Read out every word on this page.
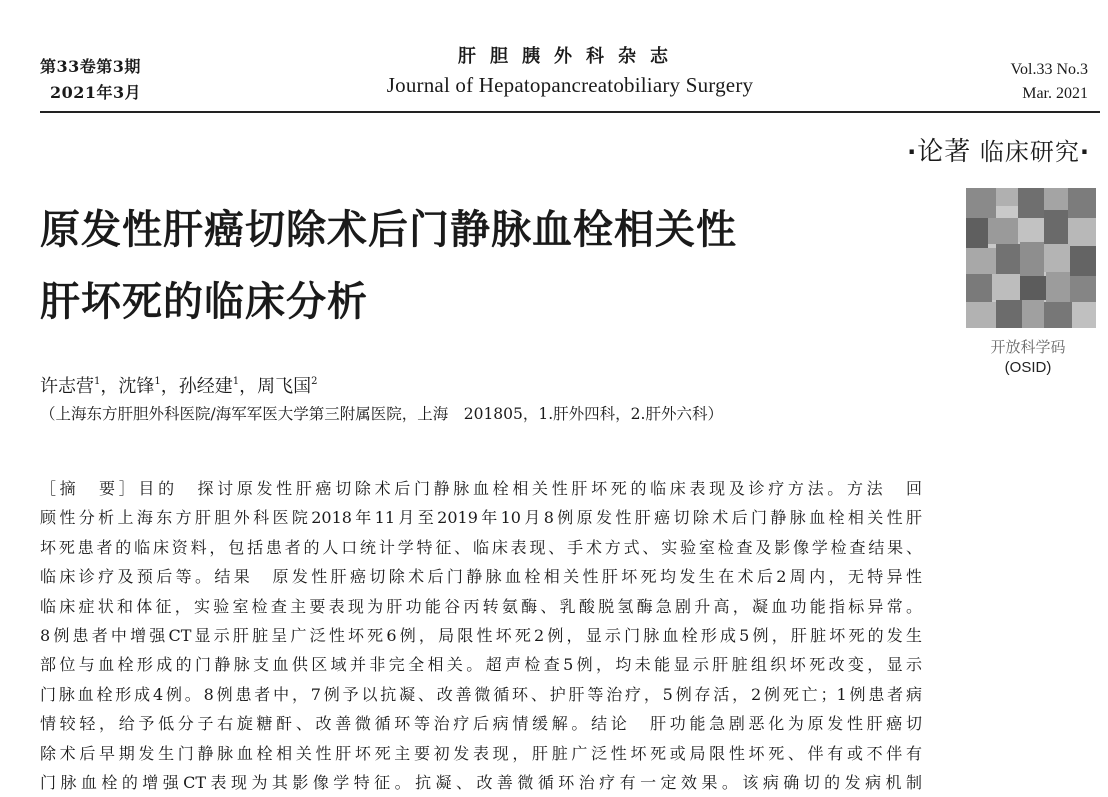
第33卷第3期
2021年3月
肝胆胰外科杂志
Journal of Hepatopancreatobiliary Surgery
Vol.33 No.3
Mar. 2021
·论著 临床研究·
开放科学码
(OSID)
原发性肝癌切除术后门静脉血栓相关性
肝坏死的临床分析
许志营$^1$，沈锋$^1$，孙经建$^1$，周飞国$^2$
（上海东方肝胆外科医院/海军军医大学第三附属医院，上海　201805，1.肝外四科，2.肝外六科）
［摘　要］目的　探讨原发性肝癌切除术后门静脉血栓相关性肝坏死的临床表现及诊疗方法。方法　回
顾性分析上海东方肝胆外科医院2018年11月至2019年10月8例原发性肝癌切除术后门静脉血栓相关性肝
坏死患者的临床资料，包括患者的人口统计学特征、临床表现、手术方式、实验室检查及影像学检查结果、
临床诊疗及预后等。结果　原发性肝癌切除术后门静脉血栓相关性肝坏死均发生在术后2周内，无特异性
临床症状和体征，实验室检查主要表现为肝功能谷丙转氨酶、乳酸脱氢酶急剧升高，凝血功能指标异常。
8例患者中增强CT显示肝脏呈广泛性坏死6例，局限性坏死2例，显示门脉血栓形成5例，肝脏坏死的发生
部位与血栓形成的门静脉支血供区域并非完全相关。超声检查5例，均未能显示肝脏组织坏死改变，显示
门脉血栓形成4例。8例患者中，7例予以抗凝、改善微循环、护肝等治疗，5例存活，2例死亡；1例患者病
情较轻，给予低分子右旋糖酐、改善微循环等治疗后病情缓解。结论　肝功能急剧恶化为原发性肝癌切
除术后早期发生门静脉血栓相关性肝坏死主要初发表现，肝脏广泛性坏死或局限性坏死、伴有或不伴有
门脉血栓的增强CT表现为其影像学特征。抗凝、改善微循环治疗有一定效果。该病确切的发病机制
